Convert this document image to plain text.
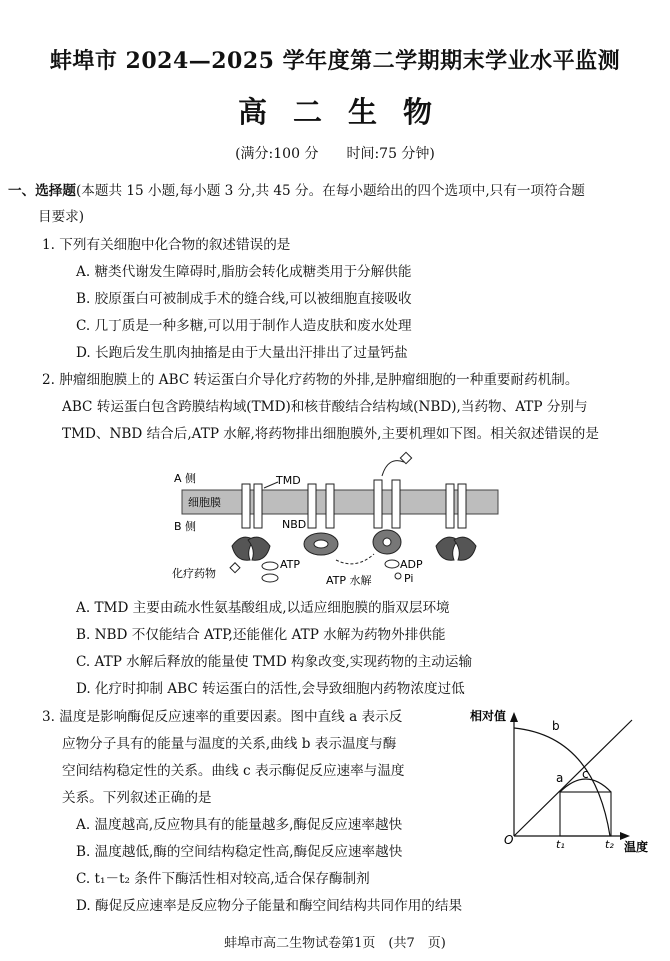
蚌埠市 2024—2025 学年度第二学期期末学业水平监测
高二生物
(满分:100 分　　时间:75 分钟)
一、选择题(本题共 15 小题,每小题 3 分,共 45 分。在每小题给出的四个选项中,只有一项符合题
目要求)
1. 下列有关细胞中化合物的叙述错误的是
A. 糖类代谢发生障碍时,脂肪会转化成糖类用于分解供能
B. 胶原蛋白可被制成手术的缝合线,可以被细胞直接吸收
C. 几丁质是一种多糖,可以用于制作人造皮肤和废水处理
D. 长跑后发生肌肉抽搐是由于大量出汗排出了过量钙盐
2. 肿瘤细胞膜上的 ABC 转运蛋白介导化疗药物的外排,是肿瘤细胞的一种重要耐药机制。
ABC 转运蛋白包含跨膜结构域(TMD)和核苷酸结合结构域(NBD),当药物、ATP 分别与
TMD、NBD 结合后,ATP 水解,将药物排出细胞膜外,主要机理如下图。相关叙述错误的是
A 侧
细胞膜
B 侧
TMD
NBD
化疗药物
ATP
ATP 水解
ADP
Pi
A. TMD 主要由疏水性氨基酸组成,以适应细胞膜的脂双层环境
B. NBD 不仅能结合 ATP,还能催化 ATP 水解为药物外排供能
C. ATP 水解后释放的能量使 TMD 构象改变,实现药物的主动运输
D. 化疗时抑制 ABC 转运蛋白的活性,会导致细胞内药物浓度过低
3. 温度是影响酶促反应速率的重要因素。图中直线 a 表示反
应物分子具有的能量与温度的关系,曲线 b 表示温度与酶
空间结构稳定性的关系。曲线 c 表示酶促反应速率与温度
关系。下列叙述正确的是
A. 温度越高,反应物具有的能量越多,酶促反应速率越快
B. 温度越低,酶的空间结构稳定性高,酶促反应速率越快
C. t₁－t₂ 条件下酶活性相对较高,适合保存酶制剂
D. 酶促反应速率是反应物分子能量和酶空间结构共同作用的结果
相对值
温度
O
a
b
c
t₁	t₂
蚌埠市高二生物试卷第1页　(共7　页)
